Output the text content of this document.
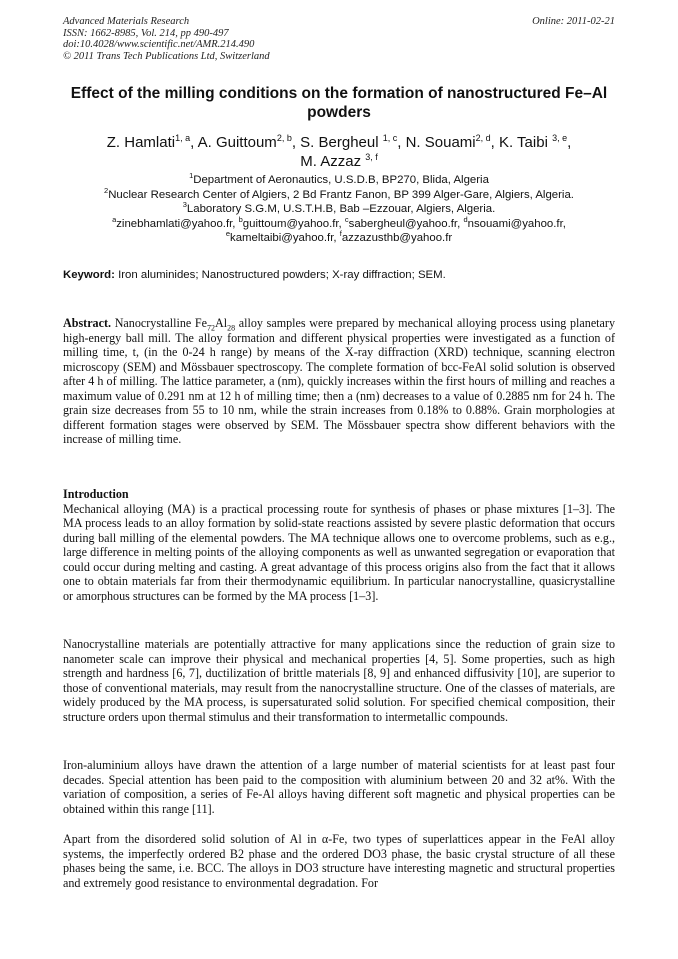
Advanced Materials Research
ISSN: 1662-8985, Vol. 214, pp 490-497
doi:10.4028/www.scientific.net/AMR.214.490
© 2011 Trans Tech Publications Ltd, Switzerland
Online: 2011-02-21
Effect of the milling conditions on the formation of nanostructured Fe–Al powders
Z. Hamlati$^{1, a}$, A. Guittoum$^{2, b}$, S. Bergheul $^{1, c}$, N. Souami$^{2, d}$, K. Taibi $^{3, e}$,
M. Azzaz $^{3, f}$
$^1$Department of Aeronautics, U.S.D.B, BP270, Blida, Algeria
$^2$Nuclear Research Center of Algiers, 2 Bd Frantz Fanon, BP 399 Alger-Gare, Algiers, Algeria.
$^3$Laboratory S.G.M, U.S.T.H.B, Bab –Ezzouar, Algiers, Algeria.
$^a$zinebhamlati@yahoo.fr, $^b$guittoum@yahoo.fr, $^c$sabergheul@yahoo.fr, $^d$nsouami@yahoo.fr,
$^e$kameltaibi@yahoo.fr, $^f$azzazusthb@yahoo.fr
Keyword: Iron aluminides; Nanostructured powders; X-ray diffraction; SEM.
Abstract. Nanocrystalline $Fe_{72}Al_{28}$ alloy samples were prepared by mechanical alloying process using planetary high-energy ball mill. The alloy formation and different physical properties were investigated as a function of milling time, t, (in the 0-24 h range) by means of the X-ray diffraction (XRD) technique, scanning electron microscopy (SEM) and Mössbauer spectroscopy. The complete formation of bcc-FeAl solid solution is observed after 4 h of milling. The lattice parameter, a (nm), quickly increases within the first hours of milling and reaches a maximum value of 0.291 nm at 12 h of milling time; then a (nm) decreases to a value of 0.2885 nm for 24 h. The grain size decreases from 55 to 10 nm, while the strain increases from 0.18% to 0.88%. Grain morphologies at different formation stages were observed by SEM. The Mössbauer spectra show different behaviors with the increase of milling time.
Introduction
Mechanical alloying (MA) is a practical processing route for synthesis of phases or phase mixtures [1–3]. The MA process leads to an alloy formation by solid-state reactions assisted by severe plastic deformation that occurs during ball milling of the elemental powders. The MA technique allows one to overcome problems, such as e.g., large difference in melting points of the alloying components as well as unwanted segregation or evaporation that could occur during melting and casting. A great advantage of this process origins also from the fact that it allows one to obtain materials far from their thermodynamic equilibrium. In particular nanocrystalline, quasicrystalline or amorphous structures can be formed by the MA process [1–3].
Nanocrystalline materials are potentially attractive for many applications since the reduction of grain size to nanometer scale can improve their physical and mechanical properties [4, 5]. Some properties, such as high strength and hardness [6, 7], ductilization of brittle materials [8, 9] and enhanced diffusivity [10], are superior to those of conventional materials, may result from the nanocrystalline structure. One of the classes of materials, are widely produced by the MA process, is supersaturated solid solution. For specified chemical composition, their structure orders upon thermal stimulus and their transformation to intermetallic compounds.
Iron-aluminium alloys have drawn the attention of a large number of material scientists for at least past four decades. Special attention has been paid to the composition with aluminium between 20 and 32 at%. With the variation of composition, a series of Fe-Al alloys having different soft magnetic and physical properties can be obtained within this range [11].
Apart from the disordered solid solution of Al in α-Fe, two types of superlattices appear in the FeAl alloy systems, the imperfectly ordered B2 phase and the ordered DO3 phase, the basic crystal structure of all these phases being the same, i.e. BCC. The alloys in DO3 structure have interesting magnetic and structural properties and extremely good resistance to environmental degradation. For
